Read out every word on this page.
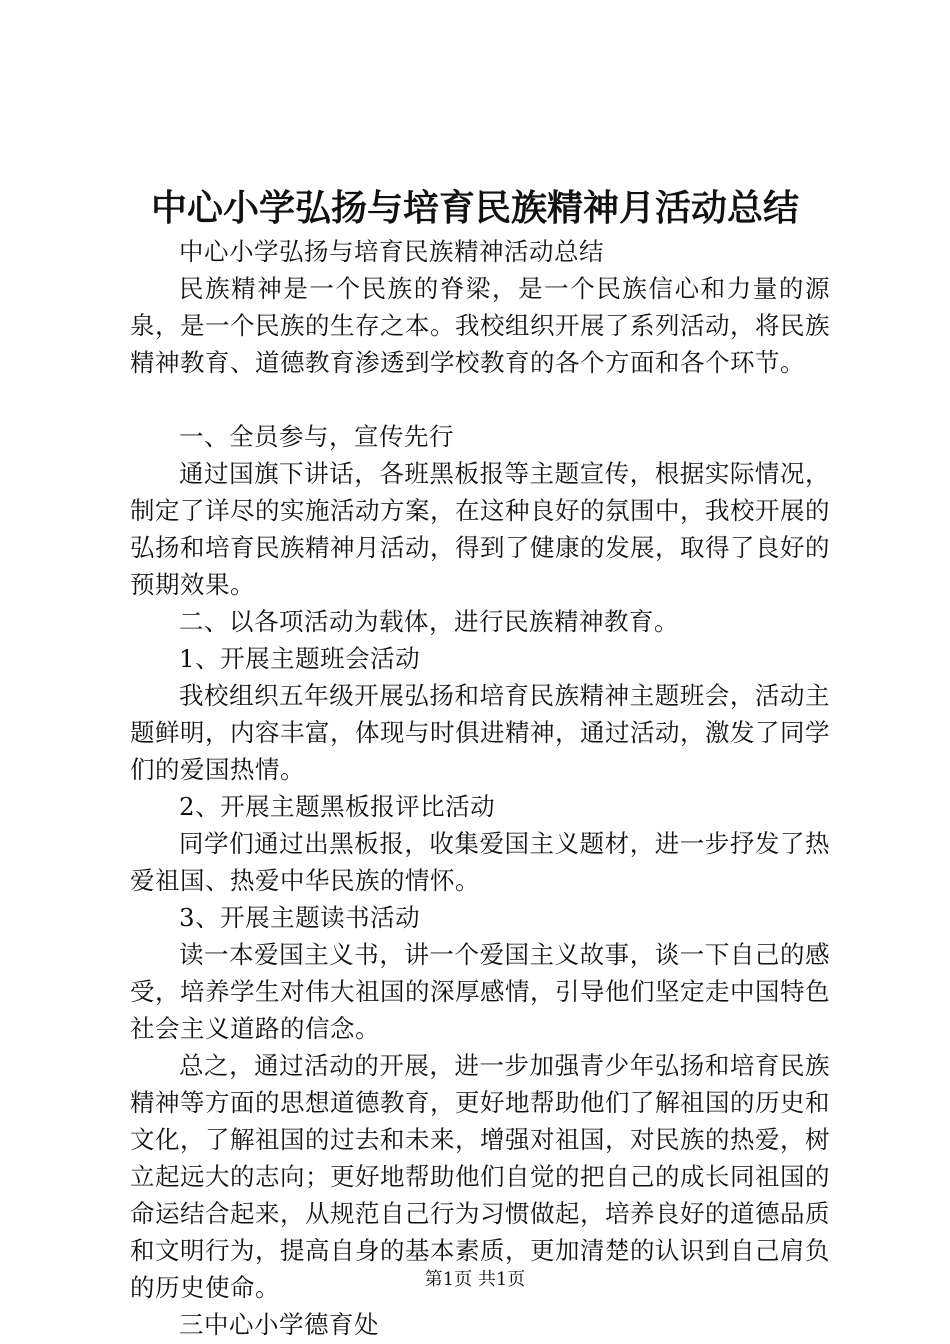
中心小学弘扬与培育民族精神月活动总结

中心小学弘扬与培育民族精神活动总结

民族精神是一个民族的脊梁，是一个民族信心和力量的源泉，是一个民族的生存之本。我校组织开展了系列活动，将民族精神教育、道德教育渗透到学校教育的各个方面和各个环节。

一、全员参与，宣传先行

通过国旗下讲话，各班黑板报等主题宣传，根据实际情况，制定了详尽的实施活动方案，在这种良好的氛围中，我校开展的弘扬和培育民族精神月活动，得到了健康的发展，取得了良好的预期效果。

二、以各项活动为载体，进行民族精神教育。

1、开展主题班会活动

我校组织五年级开展弘扬和培育民族精神主题班会，活动主题鲜明，内容丰富，体现与时俱进精神，通过活动，激发了同学们的爱国热情。

2、开展主题黑板报评比活动

同学们通过出黑板报，收集爱国主义题材，进一步抒发了热爱祖国、热爱中华民族的情怀。

3、开展主题读书活动

读一本爱国主义书，讲一个爱国主义故事，谈一下自己的感受，培养学生对伟大祖国的深厚感情，引导他们坚定走中国特色社会主义道路的信念。

总之，通过活动的开展，进一步加强青少年弘扬和培育民族精神等方面的思想道德教育，更好地帮助他们了解祖国的历史和文化，了解祖国的过去和未来，增强对祖国，对民族的热爱，树立起远大的志向；更好地帮助他们自觉的把自己的成长同祖国的命运结合起来，从规范自己行为习惯做起，培养良好的道德品质和文明行为，提高自身的基本素质，更加清楚的认识到自己肩负的历史使命。

三中心小学德育处

第1页 共1页
